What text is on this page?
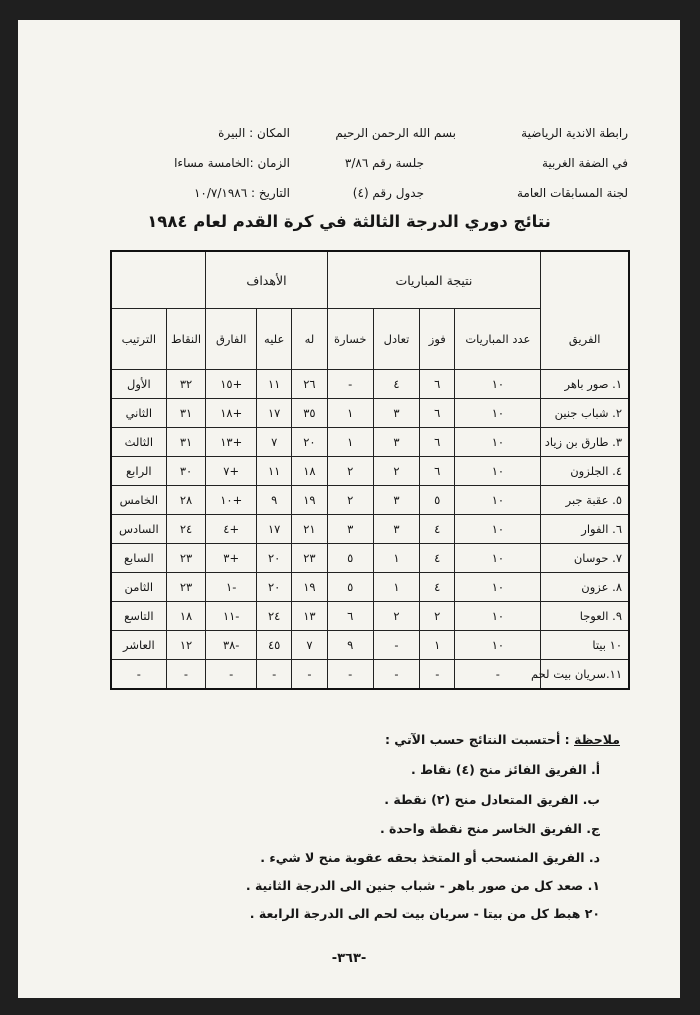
رابطة الاندية الرياضية
في الضفة الغربية
لجنة المسابقات العامة
بسم الله الرحمن الرحيم
جلسة رقم ٣/٨٦
جدول رقم (٤)
المكان : البيرة
الزمان :الخامسة مساءا
التاريخ : ١٠/٧/١٩٨٦
نتائج دوري الدرجة الثالثة في كرة القدم لعام ١٩٨٤
	نتيجة المباريات				الأهداف				
الفريق	عدد المباريات	فوز	تعادل	خسارة	له	عليه	الفارق	النقاط	الترتيب
١. صور باهر	١٠	٦	٤	-	٢٦	١١	+١٥	٣٢	الأول
٢. شباب جنين	١٠	٦	٣	١	٣٥	١٧	+١٨	٣١	الثاني
٣. طارق بن زياد	١٠	٦	٣	١	٢٠	٧	+١٣	٣١	الثالث
٤. الجلزون	١٠	٦	٢	٢	١٨	١١	+٧	٣٠	الرابع
٥. عقبة جبر	١٠	٥	٣	٢	١٩	٩	+١٠	٢٨	الخامس
٦. الفوار	١٠	٤	٣	٣	٢١	١٧	+٤	٢٤	السادس
٧. حوسان	١٠	٤	١	٥	٢٣	٢٠	+٣	٢٣	السابع
٨. عزون	١٠	٤	١	٥	١٩	٢٠	-١	٢٣	الثامن
٩. العوجا	١٠	٢	٢	٦	١٣	٢٤	-١١	١٨	التاسع
١٠ بيتا	١٠	١	-	٩	٧	٤٥	-٣٨	١٢	العاشر
١١.سريان بيت لحم	-	-	-	-	-	-	-	-	-
ملاحظة : أحتسبت النتائج حسب الآتي :
أ. الفريق الفائز منح (٤) نقاط .
ب. الفريق المتعادل منح (٢) نقطة .
ج. الفريق الخاسر منح نقطة واحدة .
د. الفريق المنسحب أو المتخذ بحقه عقوبة منح لا شيء .
١. صعد كل من صور باهر - شباب جنين الى الدرجة الثانية .
٢٠ هبط كل من بيتا - سريان بيت لحم الى الدرجة الرابعة .
-٣٦٣-
